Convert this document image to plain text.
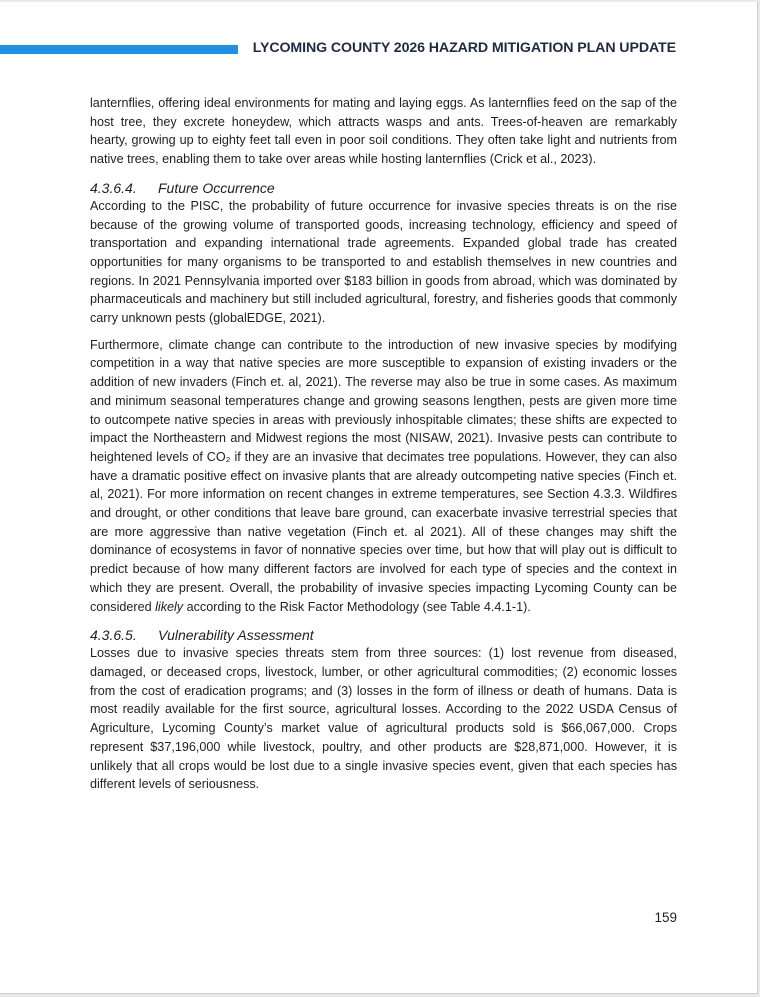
LYCOMING COUNTY 2026 HAZARD MITIGATION PLAN UPDATE

lanternflies, offering ideal environments for mating and laying eggs. As lanternflies feed on the sap of the host tree, they excrete honeydew, which attracts wasps and ants. Trees-of-heaven are remarkably hearty, growing up to eighty feet tall even in poor soil conditions. They often take light and nutrients from native trees, enabling them to take over areas while hosting lanternflies (Crick et al., 2023).

4.3.6.4. Future Occurrence

According to the PISC, the probability of future occurrence for invasive species threats is on the rise because of the growing volume of transported goods, increasing technology, efficiency and speed of transportation and expanding international trade agreements. Expanded global trade has created opportunities for many organisms to be transported to and establish themselves in new countries and regions. In 2021 Pennsylvania imported over $183 billion in goods from abroad, which was dominated by pharmaceuticals and machinery but still included agricultural, forestry, and fisheries goods that commonly carry unknown pests (globalEDGE, 2021).

Furthermore, climate change can contribute to the introduction of new invasive species by modifying competition in a way that native species are more susceptible to expansion of existing invaders or the addition of new invaders (Finch et. al, 2021). The reverse may also be true in some cases. As maximum and minimum seasonal temperatures change and growing seasons lengthen, pests are given more time to outcompete native species in areas with previously inhospitable climates; these shifts are expected to impact the Northeastern and Midwest regions the most (NISAW, 2021). Invasive pests can contribute to heightened levels of CO₂ if they are an invasive that decimates tree populations. However, they can also have a dramatic positive effect on invasive plants that are already outcompeting native species (Finch et. al, 2021). For more information on recent changes in extreme temperatures, see Section 4.3.3. Wildfires and drought, or other conditions that leave bare ground, can exacerbate invasive terrestrial species that are more aggressive than native vegetation (Finch et. al 2021). All of these changes may shift the dominance of ecosystems in favor of nonnative species over time, but how that will play out is difficult to predict because of how many different factors are involved for each type of species and the context in which they are present. Overall, the probability of invasive species impacting Lycoming County can be considered likely according to the Risk Factor Methodology (see Table 4.4.1-1).

4.3.6.5. Vulnerability Assessment

Losses due to invasive species threats stem from three sources: (1) lost revenue from diseased, damaged, or deceased crops, livestock, lumber, or other agricultural commodities; (2) economic losses from the cost of eradication programs; and (3) losses in the form of illness or death of humans. Data is most readily available for the first source, agricultural losses. According to the 2022 USDA Census of Agriculture, Lycoming County’s market value of agricultural products sold is $66,067,000. Crops represent $37,196,000 while livestock, poultry, and other products are $28,871,000. However, it is unlikely that all crops would be lost due to a single invasive species event, given that each species has different levels of seriousness.

159
